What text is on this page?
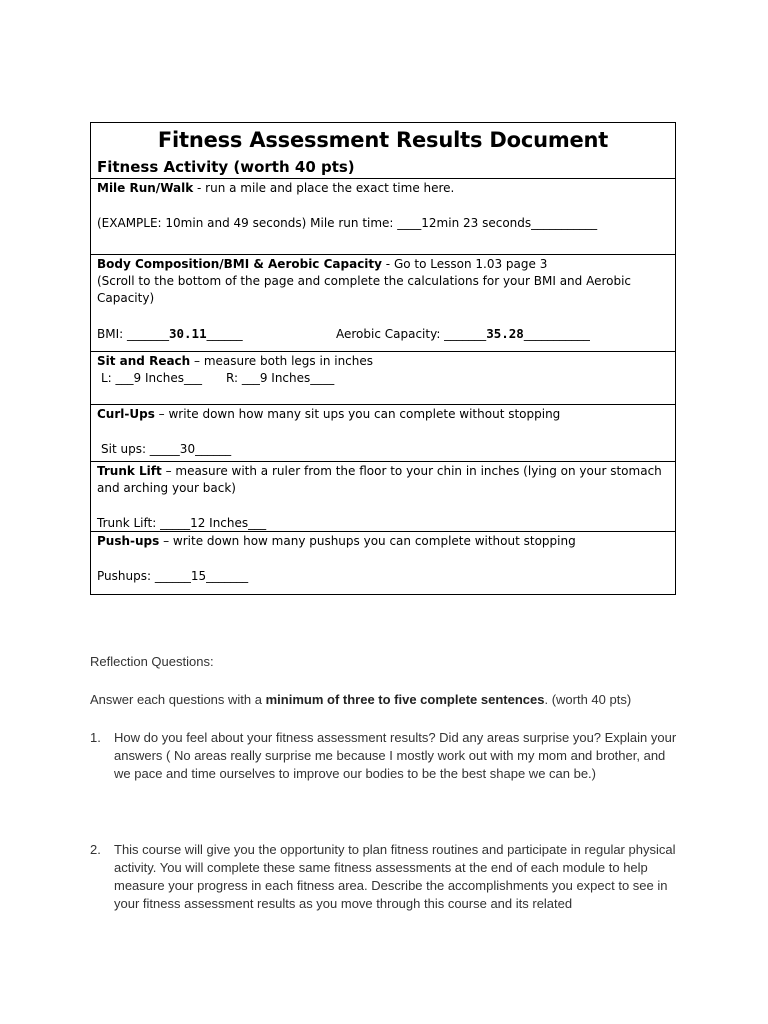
Fitness Assessment Results Document
Fitness Activity (worth 40 pts)
Mile Run/Walk - run a mile and place the exact time here.
(EXAMPLE: 10min and 49 seconds) Mile run time: ____12min 23 seconds___________
Body Composition/BMI & Aerobic Capacity - Go to Lesson 1.03 page 3
(Scroll to the bottom of the page and complete the calculations for your BMI and Aerobic Capacity)
BMI: _______30.11______	Aerobic Capacity: _______35.28___________
Sit and Reach – measure both legs in inches
L: ___9 Inches___	R: ___9 Inches____
Curl-Ups – write down how many sit ups you can complete without stopping
Sit ups: _____30______
Trunk Lift – measure with a ruler from the floor to your chin in inches (lying on your stomach and arching your back)
Trunk Lift: _____12 Inches___
Push-ups – write down how many pushups you can complete without stopping
Pushups: ______15_______
Reflection Questions:
Answer each questions with a minimum of three to five complete sentences. (worth 40 pts)
1.	How do you feel about your fitness assessment results? Did any areas surprise you? Explain your answers ( No areas really surprise me because I mostly work out with my mom and brother, and we pace and time ourselves to improve our bodies to be the best shape we can be.)
2.	This course will give you the opportunity to plan fitness routines and participate in regular physical activity. You will complete these same fitness assessments at the end of each module to help measure your progress in each fitness area. Describe the accomplishments you expect to see in your fitness assessment results as you move through this course and its related
